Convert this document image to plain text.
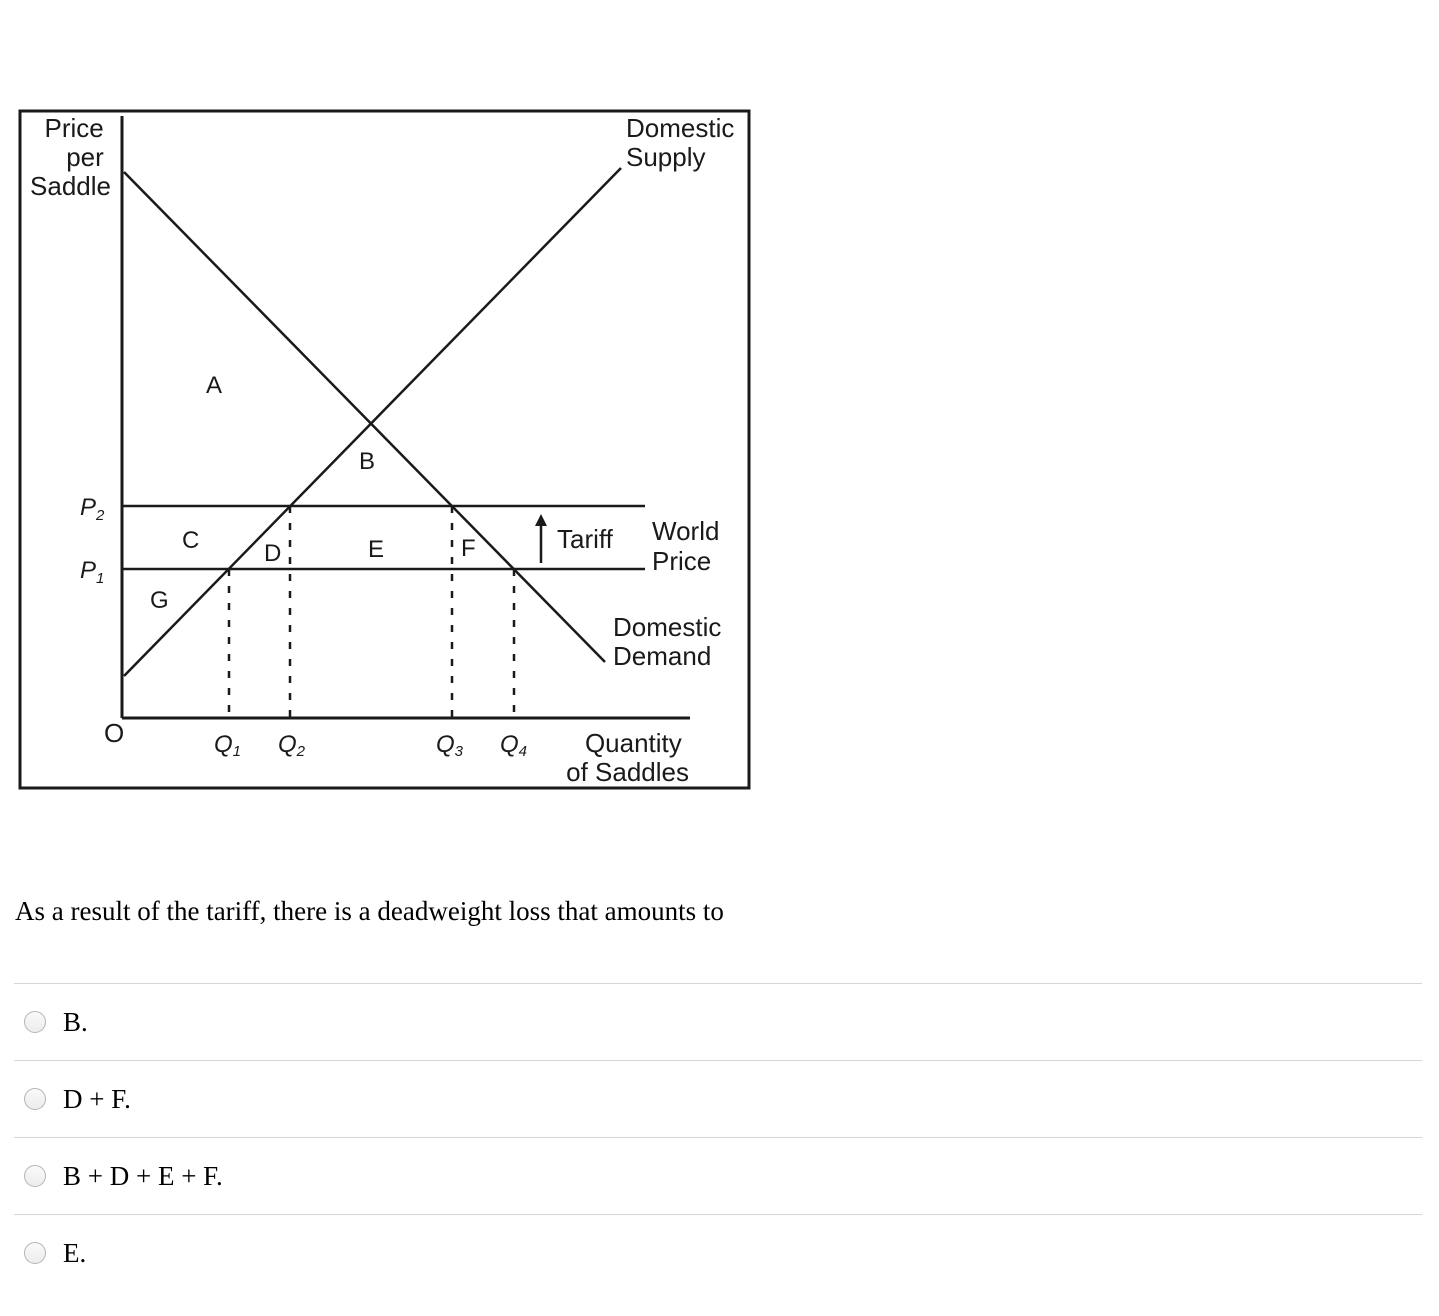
Price per Saddle
Domestic Supply
World Price
Tariff
Domestic Demand
Quantity of Saddles
O
$P_2$
$P_1$
Q1 Q2	Q3 Q4
A
B
C	D	E	F
G

As a result of the tariff, there is a deadweight loss that amounts to

B.
D + F.
B + D + E + F.
E.
